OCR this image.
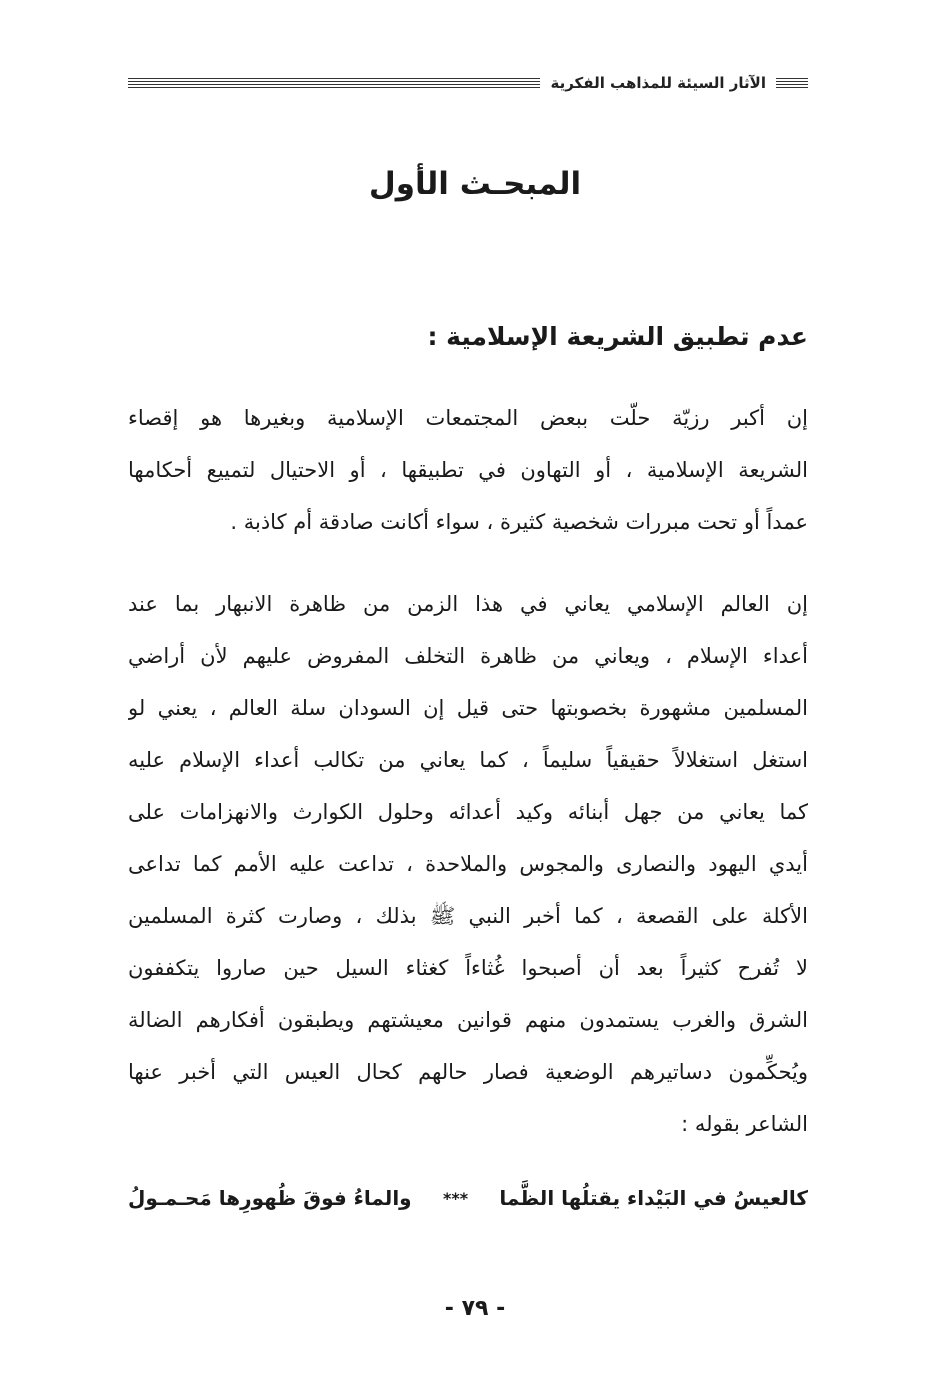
الآثار السيئة للمذاهب الفكرية
المبحـث الأول
عدم تطبيق الشريعة الإسلامية :

إن أكبر رزيّة حلّت ببعض المجتمعات الإسلامية وبغيرها هو إقصاء
الشريعة الإسلامية ، أو التهاون في تطبيقها ، أو الاحتيال لتمييع أحكامها
عمداً أو تحت مبررات شخصية كثيرة ، سواء أكانت صادقة أم كاذبة .

إن العالم الإسلامي يعاني في هذا الزمن من ظاهرة الانبهار بما عند
أعداء الإسلام ، ويعاني من ظاهرة التخلف المفروض عليهم لأن أراضي
المسلمين مشهورة بخصوبتها حتى قيل إن السودان سلة العالم ، يعني لو
استغل استغلالاً حقيقياً سليماً ، كما يعاني من تكالب أعداء الإسلام عليه
كما يعاني من جهل أبنائه وكيد أعدائه وحلول الكوارث والانهزامات على
أيدي اليهود والنصارى والمجوس والملاحدة ، تداعت عليه الأمم كما تداعى
الأكلة على القصعة ، كما أخبر النبي ﷺ بذلك ، وصارت كثرة المسلمين
لا تُفرح كثيراً بعد أن أصبحوا غُثاءاً كغثاء السيل حين صاروا يتكففون
الشرق والغرب يستمدون منهم قوانين معيشتهم ويطبقون أفكارهم الضالة
ويُحكِّمون دساتيرهم الوضعية فصار حالهم كحال العيس التي أخبر عنها
الشاعر بقوله :

كالعيسُ في البَيْداء يقتلُها الظَّما
***
والماءُ فوقَ ظُهورِها مَحـمـولُ
- ٧٩ -
